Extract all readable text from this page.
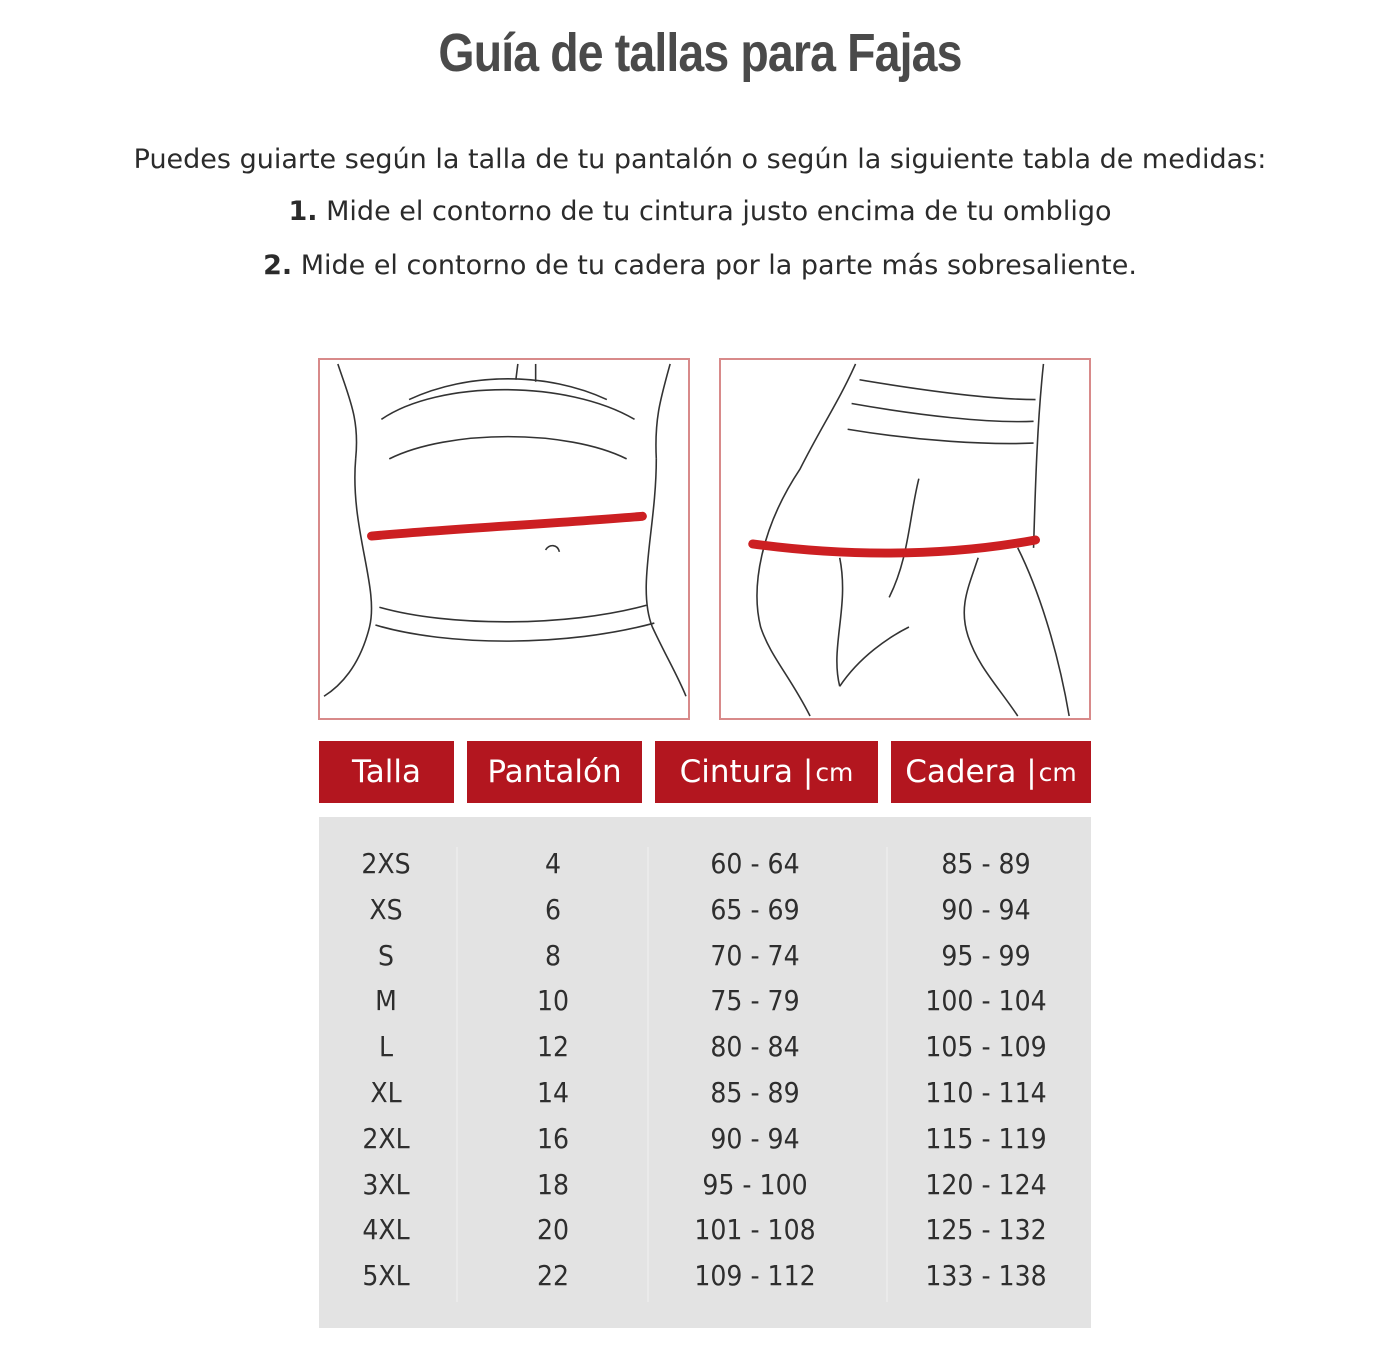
Guía de tallas para Fajas
Puedes guiarte según la talla de tu pantalón o según la siguiente tabla de medidas:
1. Mide el contorno de tu cintura justo encima de tu ombligo
2. Mide el contorno de tu cadera por la parte más sobresaliente.
Talla Pantalón Cintura | cm Cadera | cm
2XS
XS
S
M
L
XL
2XL
3XL
4XL
5XL
4
6
8
10
12
14
16
18
20
22
60 - 64
65 - 69
70 - 74
75 - 79
80 - 84
85 - 89
90 - 94
95 - 100
101 - 108
109 - 112
85 - 89
90 - 94
95 - 99
100 - 104
105 - 109
110 - 114
115 - 119
120 - 124
125 - 132
133 - 138
